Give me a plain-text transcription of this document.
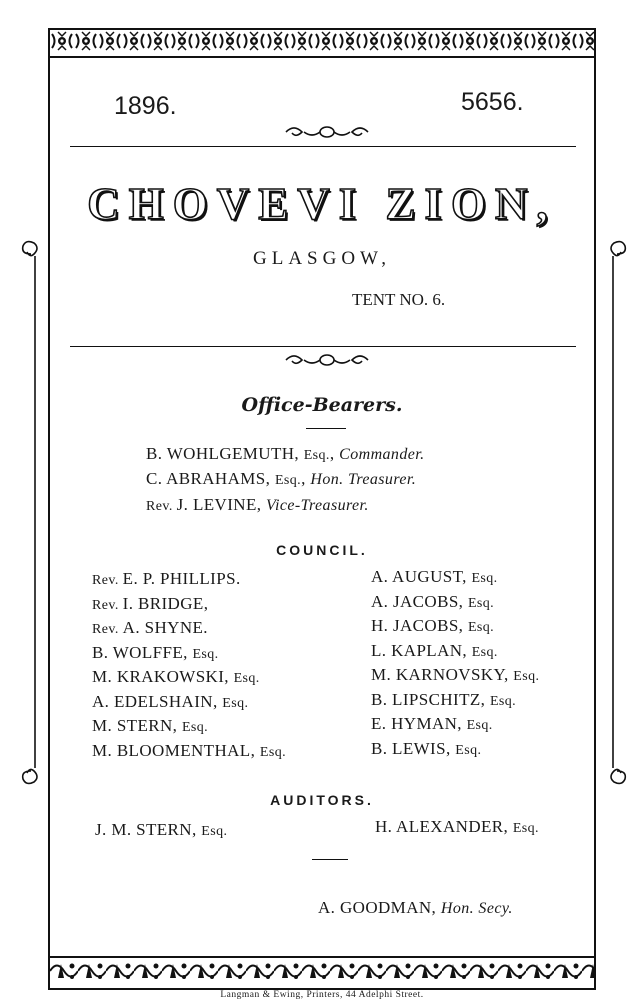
1896.	5656.
CHOVEVI ZION,
GLASGOW,
TENT NO. 6.
Office-Bearers.
B. WOHLGEMUTH, Esq., Commander.
C. ABRAHAMS, Esq., Hon. Treasurer.
Rev. J. LEVINE, Vice-Treasurer.
COUNCIL.
Rev. E. P. PHILLIPS.
Rev. I. BRIDGE,
Rev. A. SHYNE.
B. WOLFFE, Esq.
M. KRAKOWSKI, Esq.
A. EDELSHAIN, Esq.
M. STERN, Esq.
M. BLOOMENTHAL, Esq.
A. AUGUST, Esq.
A. JACOBS, Esq.
H. JACOBS, Esq.
L. KAPLAN, Esq.
M. KARNOVSKY, Esq.
B. LIPSCHITZ, Esq.
E. HYMAN, Esq.
B. LEWIS, Esq.
AUDITORS.
J. M. STERN, Esq.	H. ALEXANDER, Esq.
A. GOODMAN, Hon. Secy.
Langman & Ewing, Printers, 44 Adelphi Street.
